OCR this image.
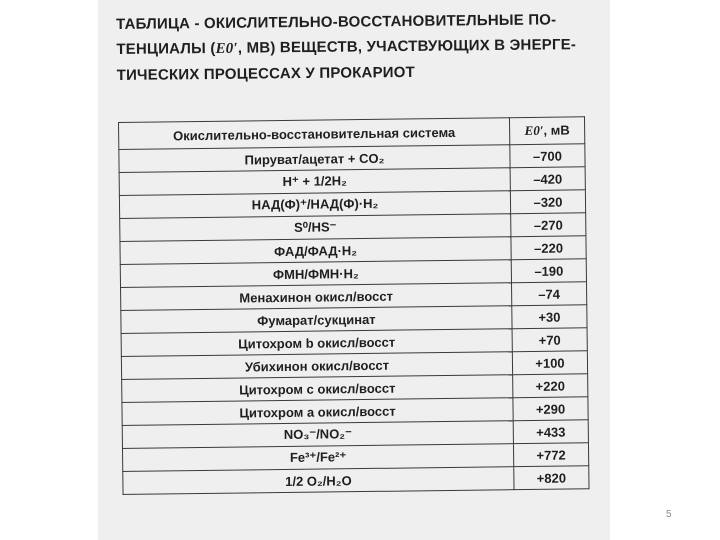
ТАБЛИЦА - ОКИСЛИТЕЛЬНО-ВОССТАНОВИТЕЛЬНЫЕ ПО-
ТЕНЦИАЛЫ (E0′, МВ) ВЕЩЕСТВ, УЧАСТВУЮЩИХ В ЭНЕРГЕ-
ТИЧЕСКИХ ПРОЦЕССАХ У ПРОКАРИОТ
Окислительно-восстановительная система	E0′, мВ
Пируват/ацетат + CO₂	–700
H⁺ + 1/2H₂	–420
НАД(Ф)⁺/НАД(Ф)·H₂	–320
S⁰/HS⁻	–270
ФАД/ФАД·H₂	–220
ФМН/ФМН·H₂	–190
Менахинон окисл/восст	–74
Фумарат/сукцинат	+30
Цитохром b окисл/восст	+70
Убихинон окисл/восст	+100
Цитохром с окисл/восст	+220
Цитохром а окисл/восст	+290
NO₃⁻/NO₂⁻	+433
Fe³⁺/Fe²⁺	+772
1/2 O₂/H₂O	+820
5
